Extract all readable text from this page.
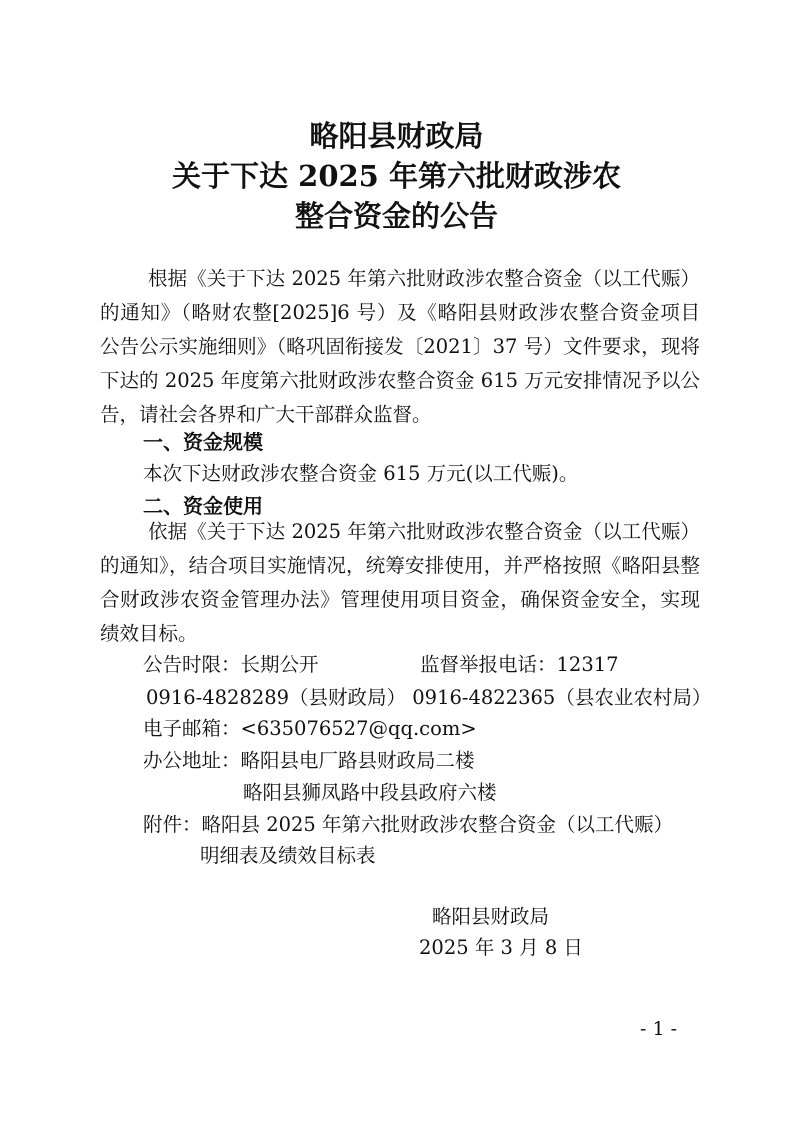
略阳县财政局
关于下达 2025 年第六批财政涉农
整合资金的公告

根据《关于下达 2025 年第六批财政涉农整合资金（以工代赈）的通知》（略财农整[2025]6 号）及《略阳县财政涉农整合资金项目公告公示实施细则》（略巩固衔接发〔2021〕37 号）文件要求，现将下达的 2025 年度第六批财政涉农整合资金 615 万元安排情况予以公告，请社会各界和广大干部群众监督。

一、资金规模
本次下达财政涉农整合资金 615 万元(以工代赈)。
二、资金使用

依据《关于下达 2025 年第六批财政涉农整合资金（以工代赈）的通知》，结合项目实施情况，统筹安排使用，并严格按照《略阳县整合财政涉农资金管理办法》管理使用项目资金，确保资金安全，实现绩效目标。

公告时限：长期公开	监督举报电话：12317
0916-4828289（县财政局） 0916-4822365（县农业农村局）
电子邮箱：<635076527@qq.com>
办公地址：略阳县电厂路县财政局二楼
略阳县狮凤路中段县政府六楼
附件：略阳县 2025 年第六批财政涉农整合资金（以工代赈）
明细表及绩效目标表
略阳县财政局
2025 年 3 月 8 日
- 1 -
